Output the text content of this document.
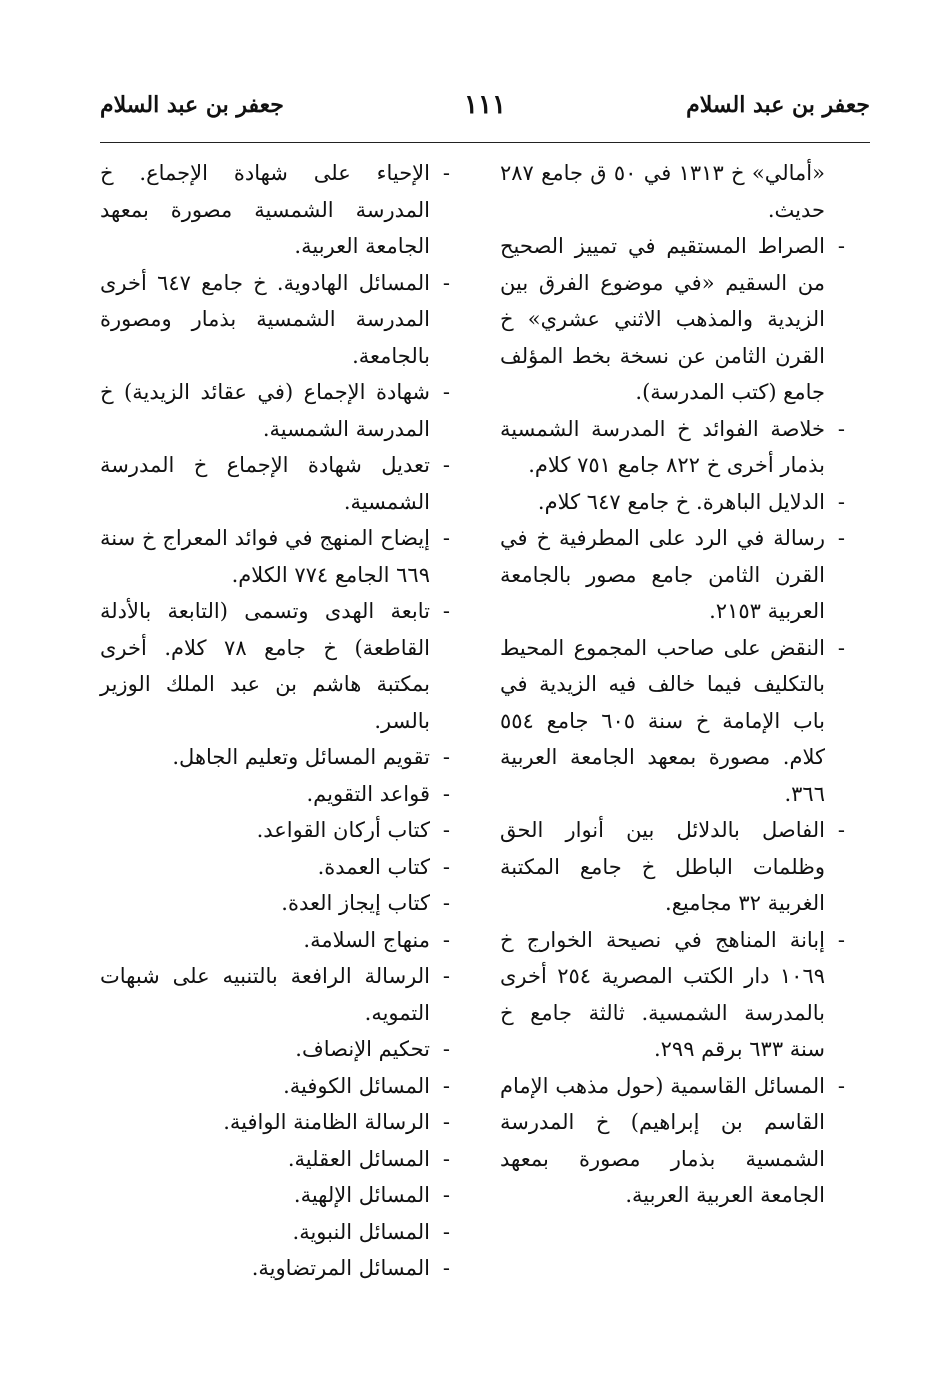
جعفر بن عبد السلام
١١١
جعفر بن عبد السلام

«أمالي» خ ١٣١٣ في ٥٠ ق جامع ٢٨٧ حديث.

-
الصراط المستقيم في تمييز الصحيح من السقيم «في موضوع الفرق بين الزيدية والمذهب الاثني عشري» خ القرن الثامن عن نسخة بخط المؤلف جامع (كتب المدرسة).

-
خلاصة الفوائد خ المدرسة الشمسية بذمار أخرى خ ٨٢٢ جامع ٧٥١ كلام.

-
الدلايل الباهرة. خ جامع ٦٤٧ كلام.

-
رسالة في الرد على المطرفية خ في القرن الثامن جامع مصور بالجامعة العربية ٢١٥٣.

-
النقض على صاحب المجموع المحيط بالتكليف فيما خالف فيه الزيدية في باب الإمامة خ سنة ٦٠٥ جامع ٥٥٤ كلام. مصورة بمعهد الجامعة العربية ٣٦٦.

-
الفاصل بالدلائل بين أنوار الحق وظلمات الباطل خ جامع المكتبة الغربية ٣٢ مجاميع.

-
إبانة المناهج في نصيحة الخوارج خ ١٠٦٩ دار الكتب المصرية ٢٥٤ أخرى بالمدرسة الشمسية. ثالثة جامع خ سنة ٦٣٣ برقم ٢٩٩.

-
المسائل القاسمية (حول مذهب الإمام القاسم بن إبراهيم) خ المدرسة الشمسية بذمار مصورة بمعهد الجامعة العربية العربية.

-
الإحياء على شهادة الإجماع. خ المدرسة الشمسية مصورة بمعهد الجامعة العربية.

-
المسائل الهادوية. خ جامع ٦٤٧ أخرى المدرسة الشمسية بذمار ومصورة بالجامعة.

-
شهادة الإجماع (في عقائد الزيدية) خ المدرسة الشمسية.

-
تعديل شهادة الإجماع خ المدرسة الشمسية.

-
إيضاح المنهج في فوائد المعراج خ سنة ٦٦٩ الجامع ٧٧٤ الكلام.

-
تابعة الهدى وتسمى (التابعة بالأدلة القاطعة) خ جامع ٧٨ كلام. أخرى بمكتبة هاشم بن عبد الملك الوزير بالسر.

-
تقويم المسائل وتعليم الجاهل.

-
قواعد التقويم.

-
كتاب أركان القواعد.

-
كتاب العمدة.

-
كتاب إيجاز العدة.

-
منهاج السلامة.

-
الرسالة الرافعة بالتنبيه على شبهات التمويه.

-
تحكيم الإنصاف.

-
المسائل الكوفية.

-
الرسالة الظامنة الوافية.

-
المسائل العقلية.

-
المسائل الإلهية.

-
المسائل النبوية.

-
المسائل المرتضاوية.
